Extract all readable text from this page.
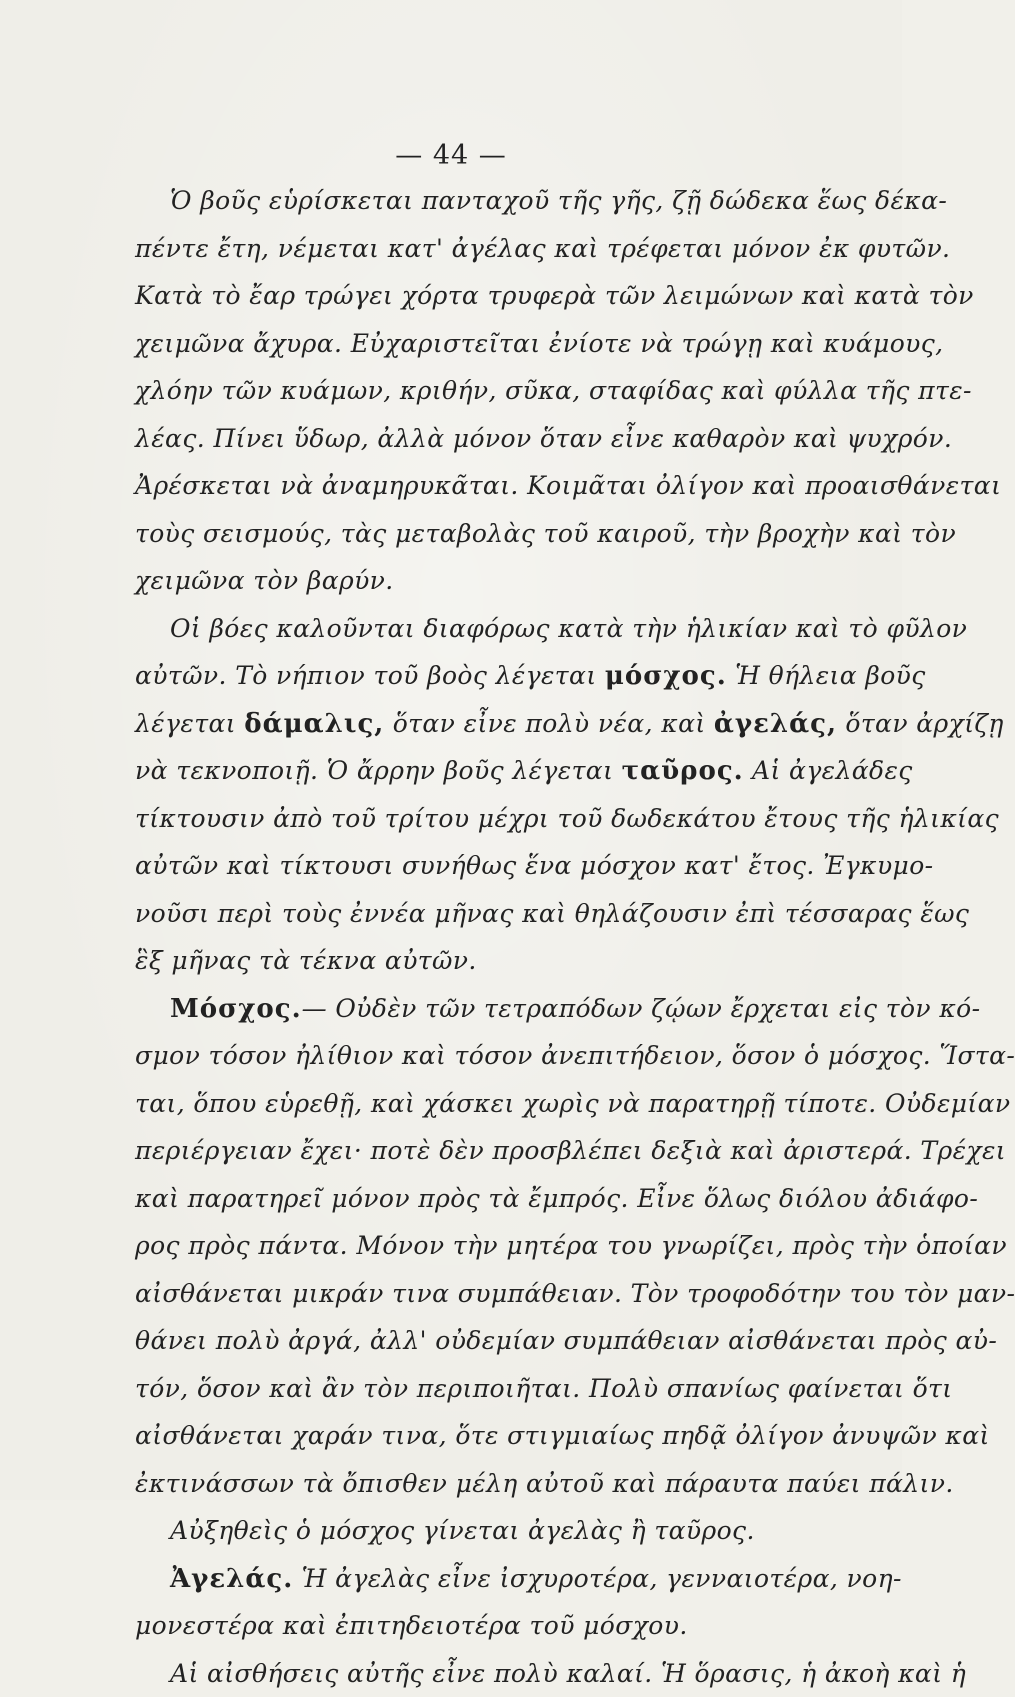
— 44 —
Ὁ βοῦς εὑρίσκεται πανταχοῦ τῆς γῆς, ζῇ δώδεκα ἕως δέκα-
πέντε ἔτη, νέμεται κατ' ἀγέλας καὶ τρέφεται μόνον ἐκ φυτῶν.
Κατὰ τὸ ἔαρ τρώγει χόρτα τρυφερὰ τῶν λειμώνων καὶ κατὰ τὸν
χειμῶνα ἄχυρα. Εὐχαριστεῖται ἐνίοτε νὰ τρώγῃ καὶ κυάμους,
χλόην τῶν κυάμων, κριθήν, σῦκα, σταφίδας καὶ φύλλα τῆς πτε-
λέας. Πίνει ὕδωρ, ἀλλὰ μόνον ὅταν εἶνε καθαρὸν καὶ ψυχρόν.
Ἀρέσκεται νὰ ἀναμηρυκᾶται. Κοιμᾶται ὀλίγον καὶ προαισθάνεται
τοὺς σεισμούς, τὰς μεταβολὰς τοῦ καιροῦ, τὴν βροχὴν καὶ τὸν
χειμῶνα τὸν βαρύν.
Οἱ βόες καλοῦνται διαφόρως κατὰ τὴν ἡλικίαν καὶ τὸ φῦλον
αὐτῶν. Τὸ νήπιον τοῦ βοὸς λέγεται μόσχος. Ἡ θήλεια βοῦς
λέγεται δάμαλις, ὅταν εἶνε πολὺ νέα, καὶ ἀγελάς, ὅταν ἀρχίζῃ
νὰ τεκνοποιῇ. Ὁ ἄρρην βοῦς λέγεται ταῦρος. Αἱ ἀγελάδες
τίκτουσιν ἀπὸ τοῦ τρίτου μέχρι τοῦ δωδεκάτου ἔτους τῆς ἡλικίας
αὐτῶν καὶ τίκτουσι συνήθως ἕνα μόσχον κατ' ἔτος. Ἐγκυμο-
νοῦσι περὶ τοὺς ἐννέα μῆνας καὶ θηλάζουσιν ἐπὶ τέσσαρας ἕως
ἓξ μῆνας τὰ τέκνα αὐτῶν.
Μόσχος.— Οὐδὲν τῶν τετραπόδων ζῴων ἔρχεται εἰς τὸν κό-
σμον τόσον ἠλίθιον καὶ τόσον ἀνεπιτήδειον, ὅσον ὁ μόσχος. Ἵστα-
ται, ὅπου εὑρεθῇ, καὶ χάσκει χωρὶς νὰ παρατηρῇ τίποτε. Οὐδεμίαν
περιέργειαν ἔχει· ποτὲ δὲν προσβλέπει δεξιὰ καὶ ἀριστερά. Τρέχει
καὶ παρατηρεῖ μόνον πρὸς τὰ ἔμπρός. Εἶνε ὅλως διόλου ἀδιάφο-
ρος πρὸς πάντα. Μόνον τὴν μητέρα του γνωρίζει, πρὸς τὴν ὁποίαν
αἰσθάνεται μικράν τινα συμπάθειαν. Τὸν τροφοδότην του τὸν μαν-
θάνει πολὺ ἀργά, ἀλλ' οὐδεμίαν συμπάθειαν αἰσθάνεται πρὸς αὐ-
τόν, ὅσον καὶ ἂν τὸν περιποιῆται. Πολὺ σπανίως φαίνεται ὅτι
αἰσθάνεται χαράν τινα, ὅτε στιγμιαίως πηδᾷ ὀλίγον ἀνυψῶν καὶ
ἐκτινάσσων τὰ ὄπισθεν μέλη αὐτοῦ καὶ πάραυτα παύει πάλιν.
Αὐξηθεὶς ὁ μόσχος γίνεται ἀγελὰς ἢ ταῦρος.
Ἀγελάς. Ἡ ἀγελὰς εἶνε ἰσχυροτέρα, γενναιοτέρα, νοη-
μονεστέρα καὶ ἐπιτηδειοτέρα τοῦ μόσχου.
Αἱ αἰσθήσεις αὐτῆς εἶνε πολὺ καλαί. Ἡ ὅρασις, ἡ ἀκοὴ καὶ ἡ
